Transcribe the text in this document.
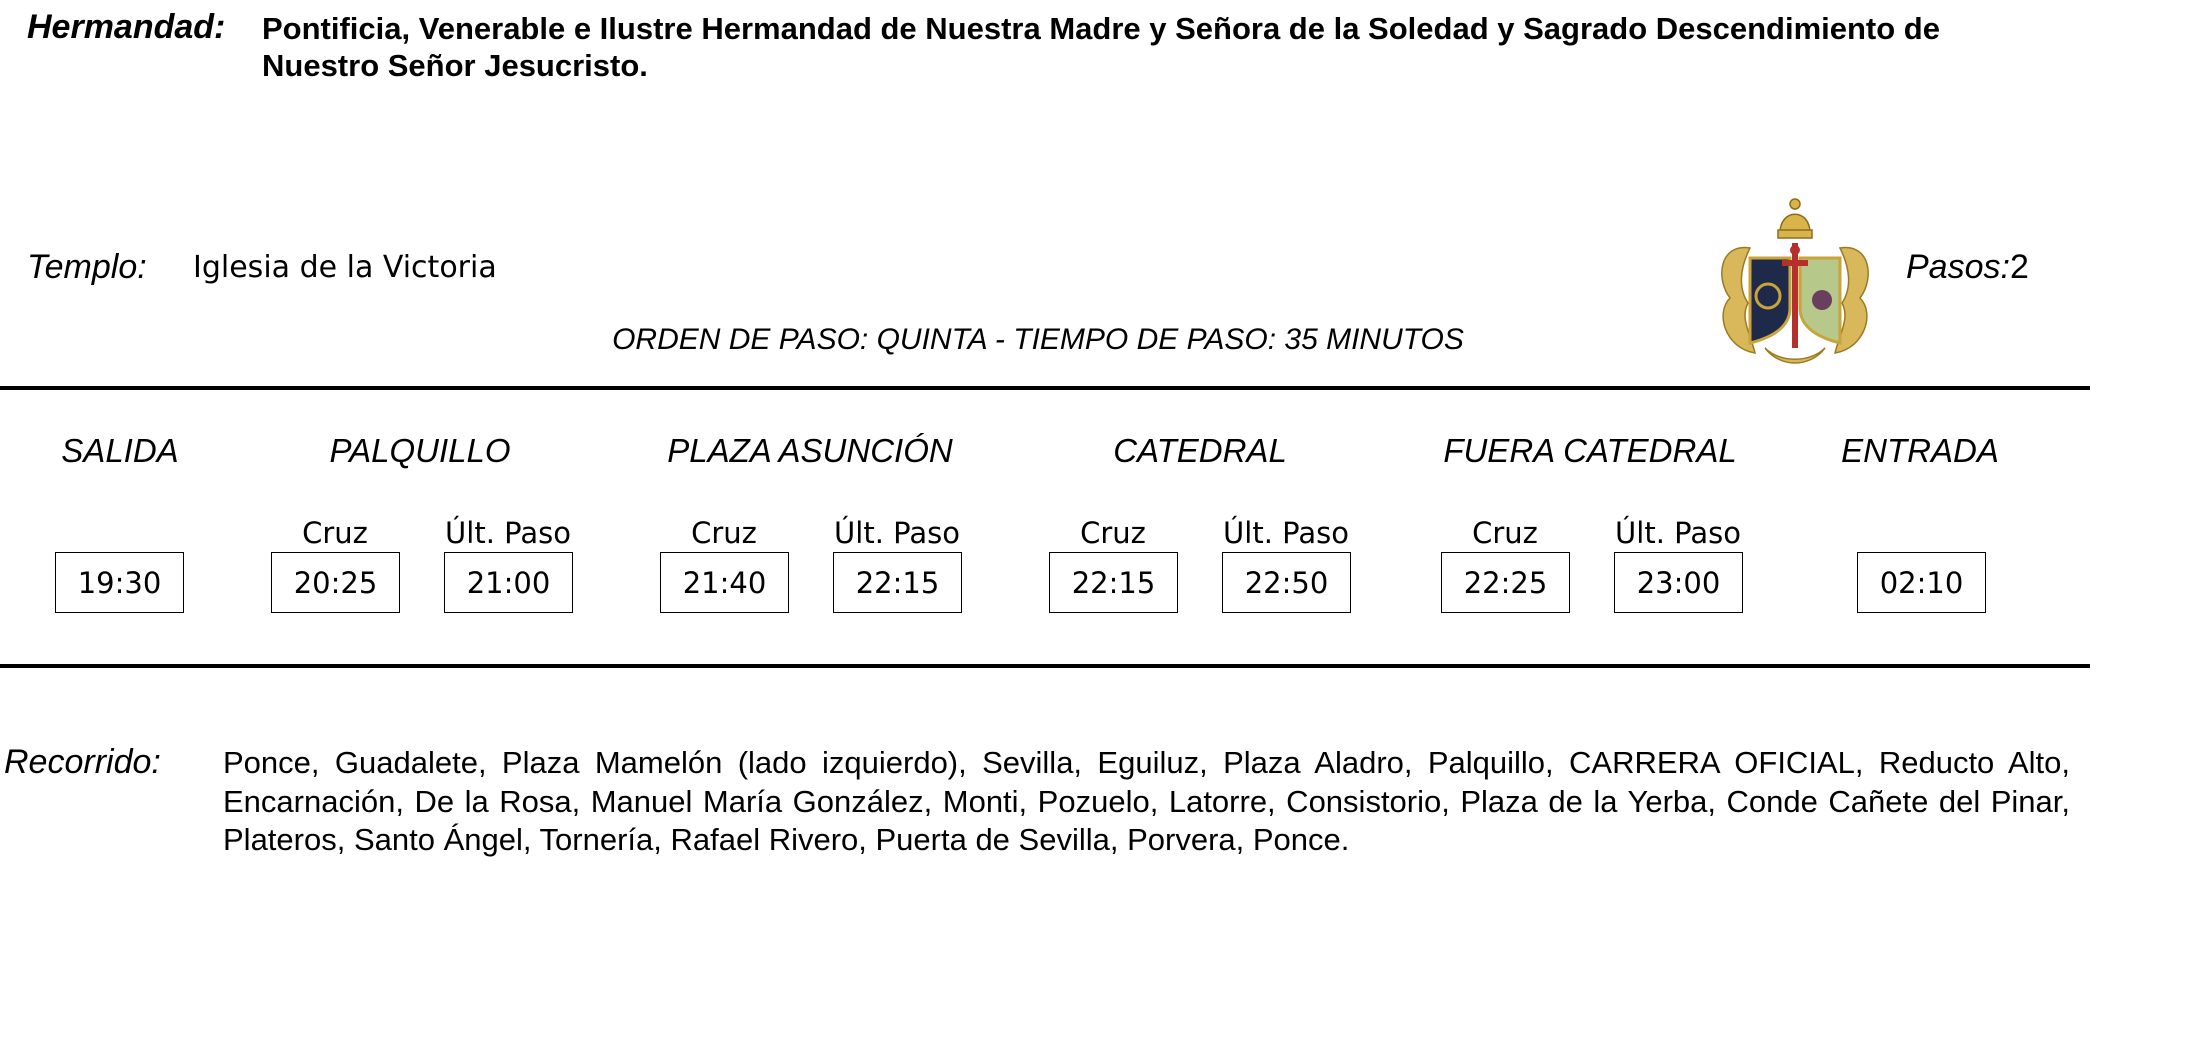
Hermandad: Pontificia, Venerable e Ilustre Hermandad de Nuestra Madre y Señora de la Soledad y Sagrado Descendimiento de Nuestro Señor Jesucristo.
Templo: Iglesia de la Victoria	Pasos:2
ORDEN DE PASO: QUINTA - TIEMPO DE PASO: 35 MINUTOS
SALIDA	PALQUILLO	PLAZA ASUNCIÓN	CATEDRAL	FUERA CATEDRAL	ENTRADA
Cruz	Últ. Paso	Cruz	Últ. Paso	Cruz	Últ. Paso	Cruz	Últ. Paso
19:30	20:25	21:00	21:40	22:15	22:15	22:50	22:25	23:00	02:10
Recorrido: Ponce, Guadalete, Plaza Mamelón (lado izquierdo), Sevilla, Eguiluz, Plaza Aladro, Palquillo, CARRERA OFICIAL, Reducto Alto, Encarnación, De la Rosa, Manuel María González, Monti, Pozuelo, Latorre, Consistorio, Plaza de la Yerba, Conde Cañete del Pinar, Plateros, Santo Ángel, Tornería, Rafael Rivero, Puerta de Sevilla, Porvera, Ponce.
